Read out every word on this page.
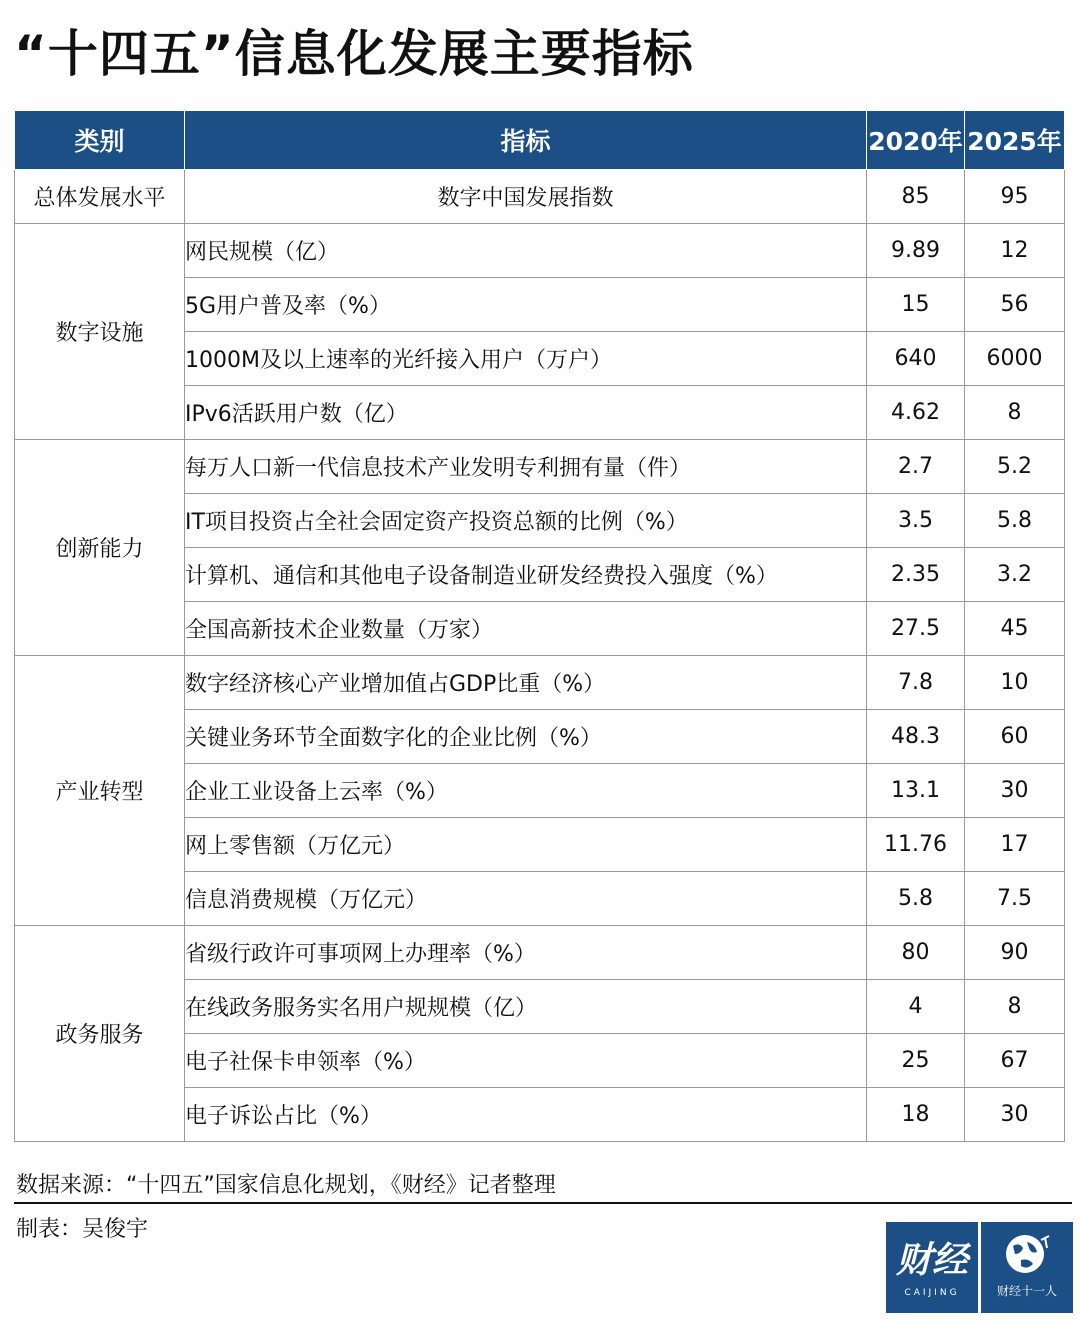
“十四五”信息化发展主要指标
类别	指标	2020年	2025年
总体发展水平	数字中国发展指数	85	95
数字设施	网民规模（亿）	9.89	12
	5G用户普及率（%）	15	56
	1000M及以上速率的光纤接入用户（万户）	640	6000
	IPv6活跃用户数（亿）	4.62	8
创新能力	每万人口新一代信息技术产业发明专利拥有量（件）	2.7	5.2
	IT项目投资占全社会固定资产投资总额的比例（%）	3.5	5.8
	计算机、通信和其他电子设备制造业研发经费投入强度（%）	2.35	3.2
	全国高新技术企业数量（万家）	27.5	45
产业转型	数字经济核心产业增加值占GDP比重（%）	7.8	10
	关键业务环节全面数字化的企业比例（%）	48.3	60
	企业工业设备上云率（%）	13.1	30
	网上零售额（万亿元）	11.76	17
	信息消费规模（万亿元）	5.8	7.5
政务服务	省级行政许可事项网上办理率（%）	80	90
	在线政务服务实名用户规规模（亿）	4	8
	电子社保卡申领率（%）	25	67
	电子诉讼占比（%）	18	30
数据来源：“十四五”国家信息化规划，《财经》记者整理
制表：吴俊宇
财经
CAIJING	财经十一人
